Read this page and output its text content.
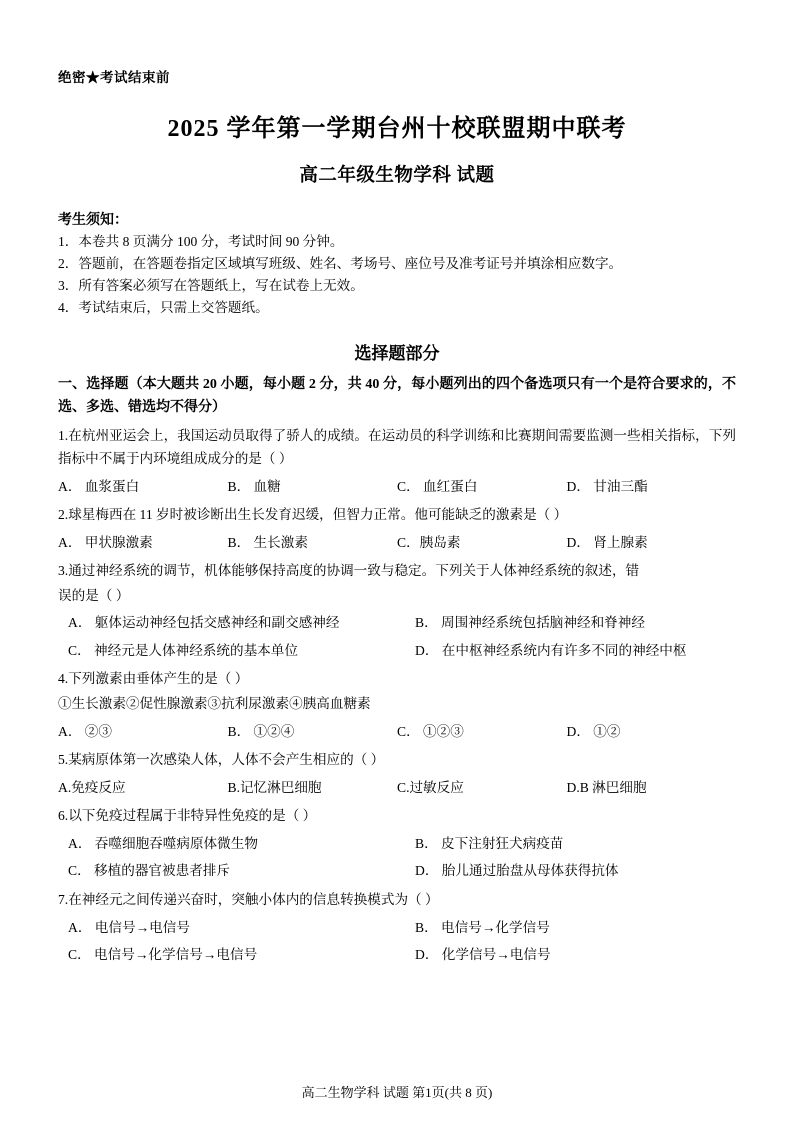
绝密★考试结束前
2025 学年第一学期台州十校联盟期中联考
高二年级生物学科 试题
考生须知：
1．本卷共 8 页满分 100 分，考试时间 90 分钟。
2．答题前，在答题卷指定区域填写班级、姓名、考场号、座位号及准考证号并填涂相应数字。
3．所有答案必须写在答题纸上，写在试卷上无效。
4．考试结束后，只需上交答题纸。
选择题部分
一、选择题（本大题共 20 小题，每小题 2 分，共 40 分，每小题列出的四个备选项只有一个是符合要求的，不选、多选、错选均不得分）
1.在杭州亚运会上，我国运动员取得了骄人的成绩。在运动员的科学训练和比赛期间需要监测一些相关指标，下列指标中不属于内环境组成成分的是（ ）
A． 血浆蛋白	B． 血糖	C． 血红蛋白	D． 甘油三酯
2.球星梅西在 11 岁时被诊断出生长发育迟缓，但智力正常。他可能缺乏的激素是（ ）
A． 甲状腺激素	B． 生长激素	C．胰岛素	D． 肾上腺素
3.通过神经系统的调节，机体能够保持高度的协调一致与稳定。下列关于人体神经系统的叙述，错
误的是（ ）
A． 躯体运动神经包括交感神经和副交感神经	B． 周围神经系统包括脑神经和脊神经
C． 神经元是人体神经系统的基本单位	D． 在中枢神经系统内有许多不同的神经中枢
4.下列激素由垂体产生的是（ ）
①生长激素②促性腺激素③抗利尿激素④胰高血糖素
A． ②③	B． ①②④	C． ①②③	D． ①②
5.某病原体第一次感染人体，人体不会产生相应的（ ）
A.免疫反应	B.记忆淋巴细胞	C.过敏反应	D.B 淋巴细胞
6.以下免疫过程属于非特异性免疫的是（ ）
A． 吞噬细胞吞噬病原体微生物	B． 皮下注射狂犬病疫苗
C． 移植的器官被患者排斥	D． 胎儿通过胎盘从母体获得抗体
7.在神经元之间传递兴奋时，突触小体内的信息转换模式为（ ）
A． 电信号→电信号	B． 电信号→化学信号
C． 电信号→化学信号→电信号	D． 化学信号→电信号
高二生物学科 试题 第1页(共 8 页)
